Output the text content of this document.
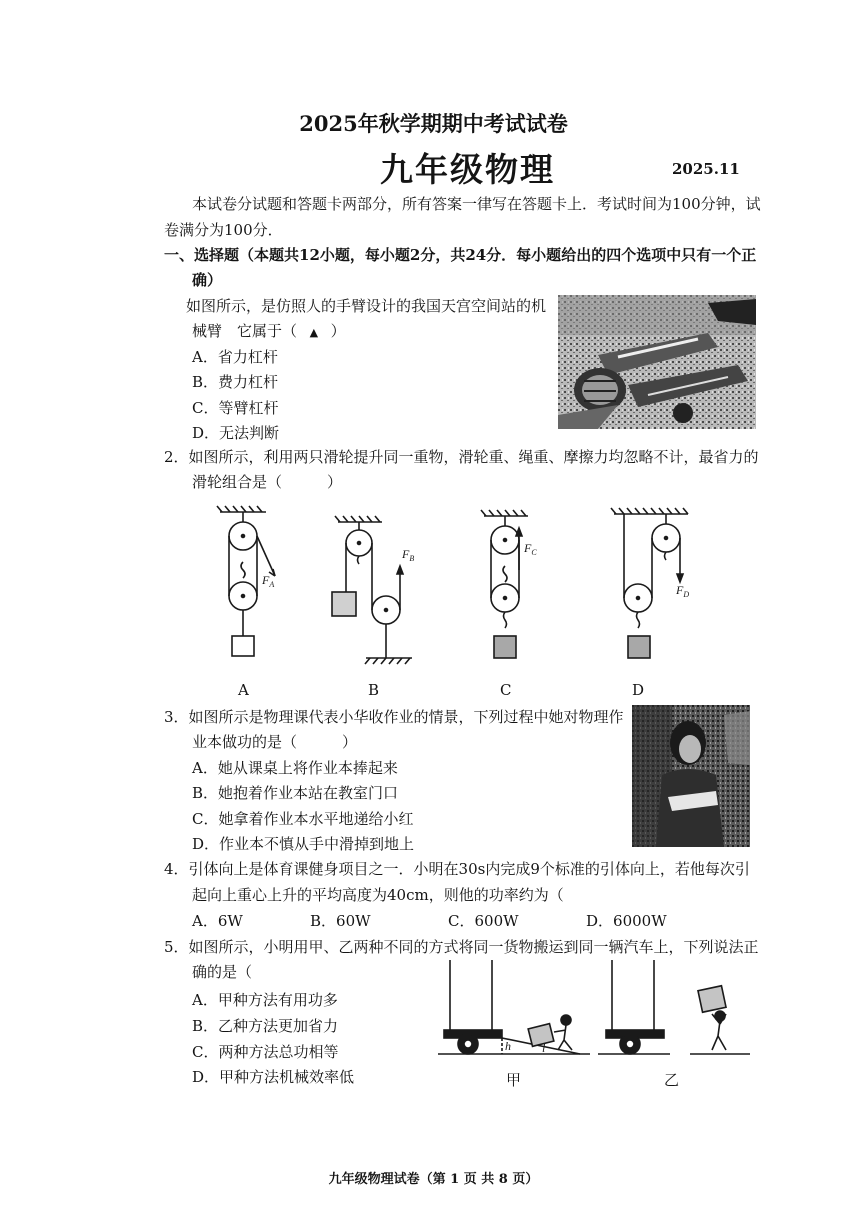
2025年秋学期期中考试试卷
九年级物理	2025.11
本试卷分试题和答题卡两部分，所有答案一律写在答题卡上．考试时间为100分钟，试
卷满分为100分．
一、选择题（本题共12小题，每小题2分，共24分．每小题给出的四个选项中只有一个正
确）
如图所示，是仿照人的手臂设计的我国天宫空间站的机
械臂　它属于（ ▲ ）
A．省力杠杆
B．费力杠杆
C．等臂杠杆
D．无法判断
2．如图所示，利用两只滑轮提升同一重物，滑轮重、绳重、摩擦力均忽略不计，最省力的
滑轮组合是（　　　）
$F_A$
$F_B$
$F_C$
$F_D$
A	B	C	D
3．如图所示是物理课代表小华收作业的情景，下列过程中她对物理作
业本做功的是（　　　）
A．她从课桌上将作业本捧起来
B．她抱着作业本站在教室门口
C．她拿着作业本水平地递给小红
D．作业本不慎从手中滑掉到地上
4．引体向上是体育课健身项目之一．小明在30s内完成9个标准的引体向上，若他每次引
起向上重心上升的平均高度为40cm，则他的功率约为（
A．6W	B．60W	C．600W	D．6000W
5．如图所示，小明用甲、乙两种不同的方式将同一货物搬运到同一辆汽车上，下列说法正
确的是（
A．甲种方法有用功多
B．乙种方法更加省力
C．两种方法总功相等
D．甲种方法机械效率低
h	l
甲	乙
九年级物理试卷（第 1 页 共 8 页）
